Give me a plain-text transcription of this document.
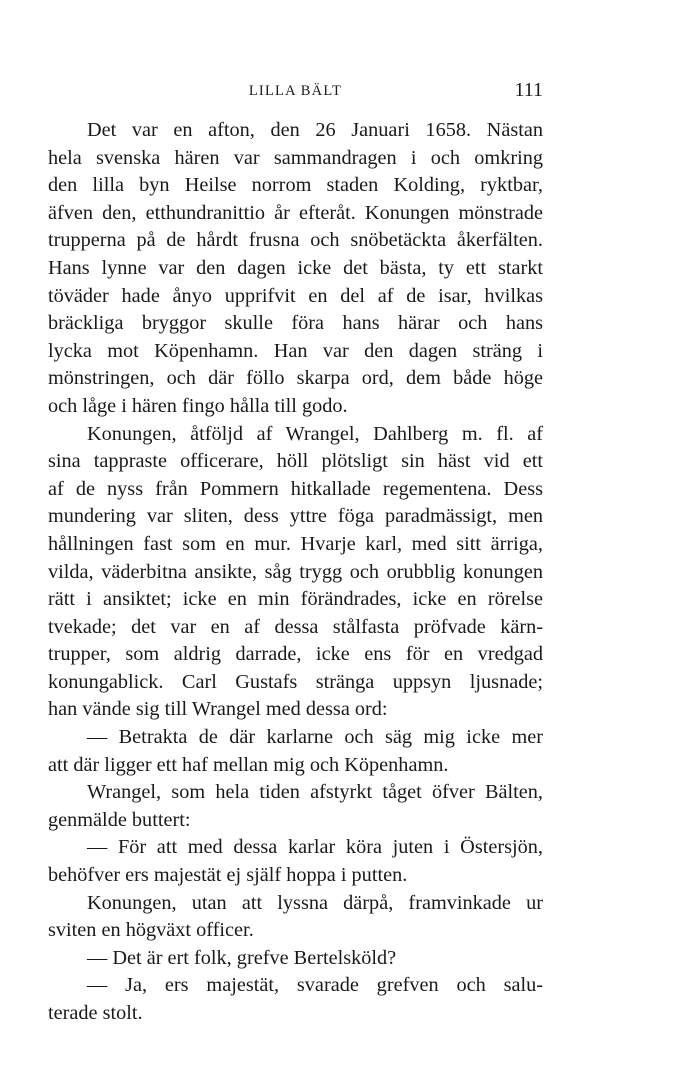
LILLA BÄLT	111
Det var en afton, den 26 Januari 1658. Nästan
hela svenska hären var sammandragen i och omkring
den lilla byn Heilse norrom staden Kolding, ryktbar,
äfven den, etthundranittio år efteråt. Konungen mönstrade
trupperna på de hårdt frusna och snöbetäckta åkerfälten.
Hans lynne var den dagen icke det bästa, ty ett starkt
töväder hade ånyo upprifvit en del af de isar, hvilkas
bräckliga bryggor skulle föra hans härar och hans
lycka mot Köpenhamn. Han var den dagen sträng i
mönstringen, och där föllo skarpa ord, dem både höge
och låge i hären fingo hålla till godo.
Konungen, åtföljd af Wrangel, Dahlberg m. fl. af
sina tappraste officerare, höll plötsligt sin häst vid ett
af de nyss från Pommern hitkallade regementena. Dess
mundering var sliten, dess yttre föga paradmässigt, men
hållningen fast som en mur. Hvarje karl, med sitt ärriga,
vilda, väderbitna ansikte, såg trygg och orubblig konungen
rätt i ansiktet; icke en min förändrades, icke en rörelse
tvekade; det var en af dessa stålfasta pröfvade kärn-
trupper, som aldrig darrade, icke ens för en vredgad
konungablick. Carl Gustafs stränga uppsyn ljusnade;
han vände sig till Wrangel med dessa ord:
— Betrakta de där karlarne och säg mig icke mer
att där ligger ett haf mellan mig och Köpenhamn.
Wrangel, som hela tiden afstyrkt tåget öfver Bälten,
genmälde buttert:
— För att med dessa karlar köra juten i Östersjön,
behöfver ers majestät ej själf hoppa i putten.
Konungen, utan att lyssna därpå, framvinkade ur
sviten en högväxt officer.
— Det är ert folk, grefve Bertelsköld?
— Ja, ers majestät, svarade grefven och salu-
terade stolt.
